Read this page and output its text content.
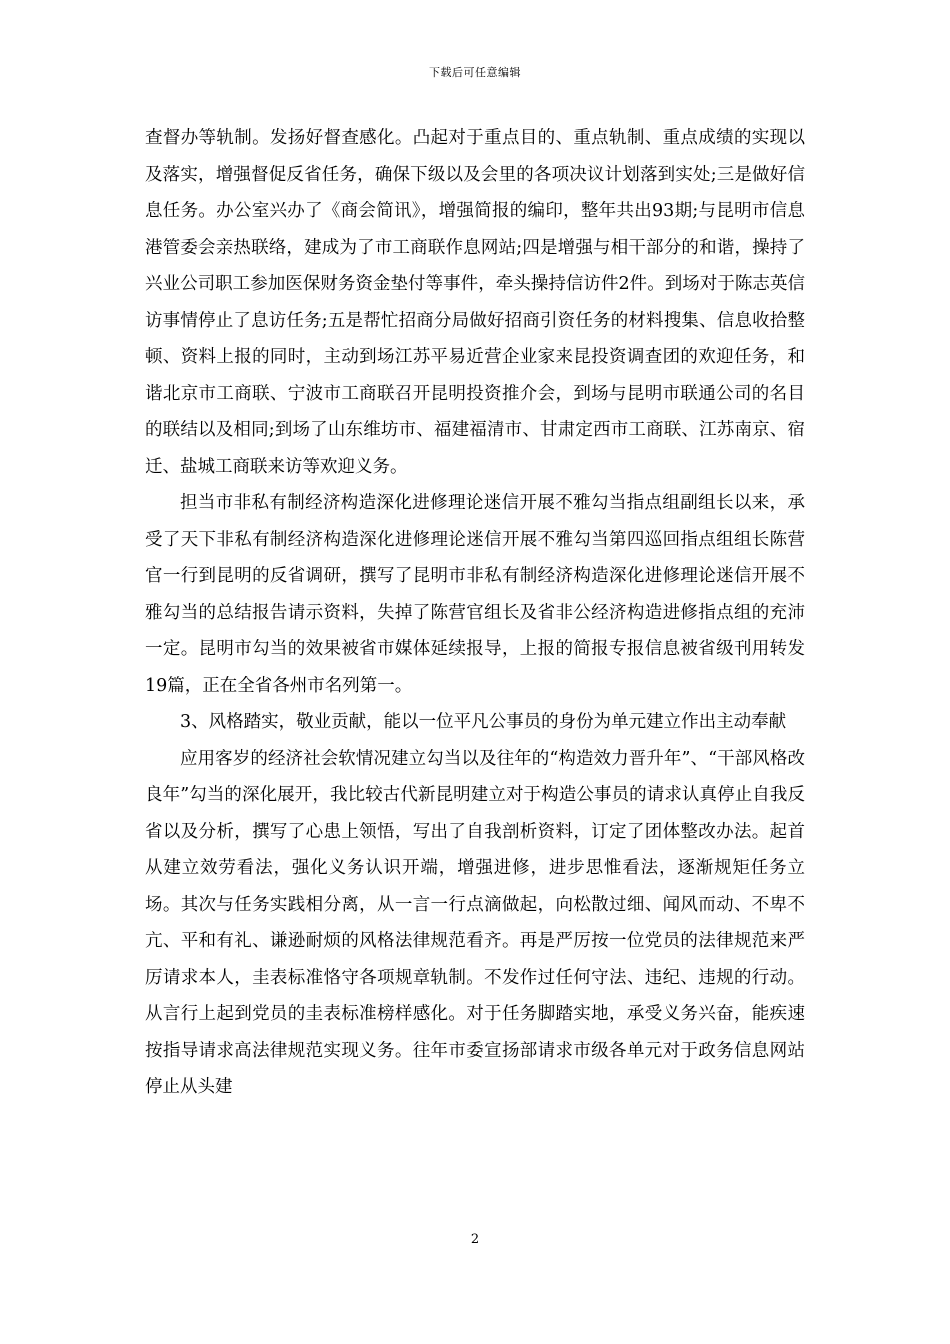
下载后可任意编辑

查督办等轨制。发扬好督查感化。凸起对于重点目的、重点轨制、重点成绩的实现以及落实，增强督促反省任务，确保下级以及会里的各项决议计划落到实处;三是做好信息任务。办公室兴办了《商会简讯》，增强简报的编印，整年共出93期;与昆明市信息港管委会亲热联络，建成为了市工商联作息网站;四是增强与相干部分的和谐，操持了兴业公司职工参加医保财务资金垫付等事件，牵头操持信访件2件。到场对于陈志英信访事情停止了息访任务;五是帮忙招商分局做好招商引资任务的材料搜集、信息收拾整顿、资料上报的同时，主动到场江苏平易近营企业家来昆投资调查团的欢迎任务，和谐北京市工商联、宁波市工商联召开昆明投资推介会，到场与昆明市联通公司的名目的联结以及相同;到场了山东维坊市、福建福清市、甘肃定西市工商联、江苏南京、宿迁、盐城工商联来访等欢迎义务。

担当市非私有制经济构造深化进修理论迷信开展不雅勾当指点组副组长以来，承受了天下非私有制经济构造深化进修理论迷信开展不雅勾当第四巡回指点组组长陈营官一行到昆明的反省调研，撰写了昆明市非私有制经济构造深化进修理论迷信开展不雅勾当的总结报告请示资料，失掉了陈营官组长及省非公经济构造进修指点组的充沛一定。昆明市勾当的效果被省市媒体延续报导，上报的简报专报信息被省级刊用转发19篇，正在全省各州市名列第一。

3、风格踏实，敬业贡献，能以一位平凡公事员的身份为单元建立作出主动奉献

应用客岁的经济社会软情况建立勾当以及往年的“构造效力晋升年”、“干部风格改良年”勾当的深化展开，我比较古代新昆明建立对于构造公事员的请求认真停止自我反省以及分析，撰写了心患上领悟，写出了自我剖析资料，订定了团体整改办法。起首从建立效劳看法，强化义务认识开端，增强进修，进步思惟看法，逐渐规矩任务立场。其次与任务实践相分离，从一言一行点滴做起，向松散过细、闻风而动、不卑不亢、平和有礼、谦逊耐烦的风格法律规范看齐。再是严厉按一位党员的法律规范来严厉请求本人，圭表标准恪守各项规章轨制。不发作过任何守法、违纪、违规的行动。从言行上起到党员的圭表标准榜样感化。对于任务脚踏实地，承受义务兴奋，能疾速按指导请求高法律规范实现义务。往年市委宣扬部请求市级各单元对于政务信息网站停止从头建

2
